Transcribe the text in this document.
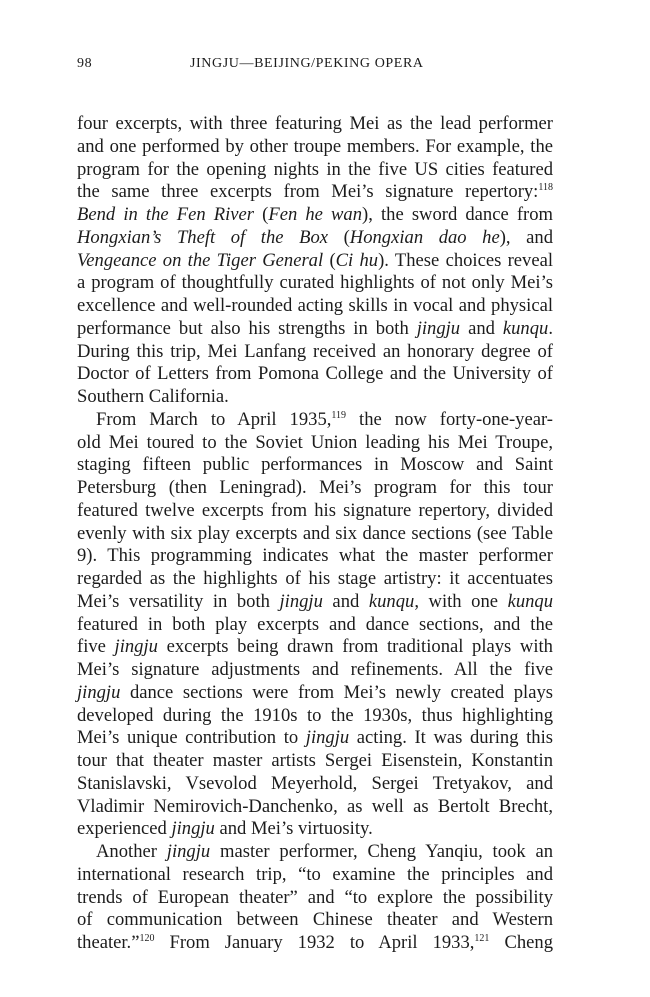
98	JINGJU—BEIJING/PEKING OPERA
four excerpts, with three featuring Mei as the lead performer
and one performed by other troupe members. For example, the
program for the opening nights in the five US cities featured
the same three excerpts from Mei’s signature repertory:$^{118}$
Bend in the Fen River (Fen he wan), the sword dance from
Hongxian’s Theft of the Box (Hongxian dao he), and
Vengeance on the Tiger General (Ci hu). These choices reveal
a program of thoughtfully curated highlights of not only Mei’s
excellence and well-rounded acting skills in vocal and physical
performance but also his strengths in both jingju and kunqu.
During this trip, Mei Lanfang received an honorary degree of
Doctor of Letters from Pomona College and the University of
Southern California.
From March to April 1935,$^{119}$ the now forty-one-year-
old Mei toured to the Soviet Union leading his Mei Troupe,
staging fifteen public performances in Moscow and Saint
Petersburg (then Leningrad). Mei’s program for this tour
featured twelve excerpts from his signature repertory, divided
evenly with six play excerpts and six dance sections (see Table
9). This programming indicates what the master performer
regarded as the highlights of his stage artistry: it accentuates
Mei’s versatility in both jingju and kunqu, with one kunqu
featured in both play excerpts and dance sections, and the
five jingju excerpts being drawn from traditional plays with
Mei’s signature adjustments and refinements. All the five
jingju dance sections were from Mei’s newly created plays
developed during the 1910s to the 1930s, thus highlighting
Mei’s unique contribution to jingju acting. It was during this
tour that theater master artists Sergei Eisenstein, Konstantin
Stanislavski, Vsevolod Meyerhold, Sergei Tretyakov, and
Vladimir Nemirovich-Danchenko, as well as Bertolt Brecht,
experienced jingju and Mei’s virtuosity.
Another jingju master performer, Cheng Yanqiu, took an
international research trip, “to examine the principles and
trends of European theater” and “to explore the possibility
of communication between Chinese theater and Western
theater.”$^{120}$ From January 1932 to April 1933,$^{121}$ Cheng
